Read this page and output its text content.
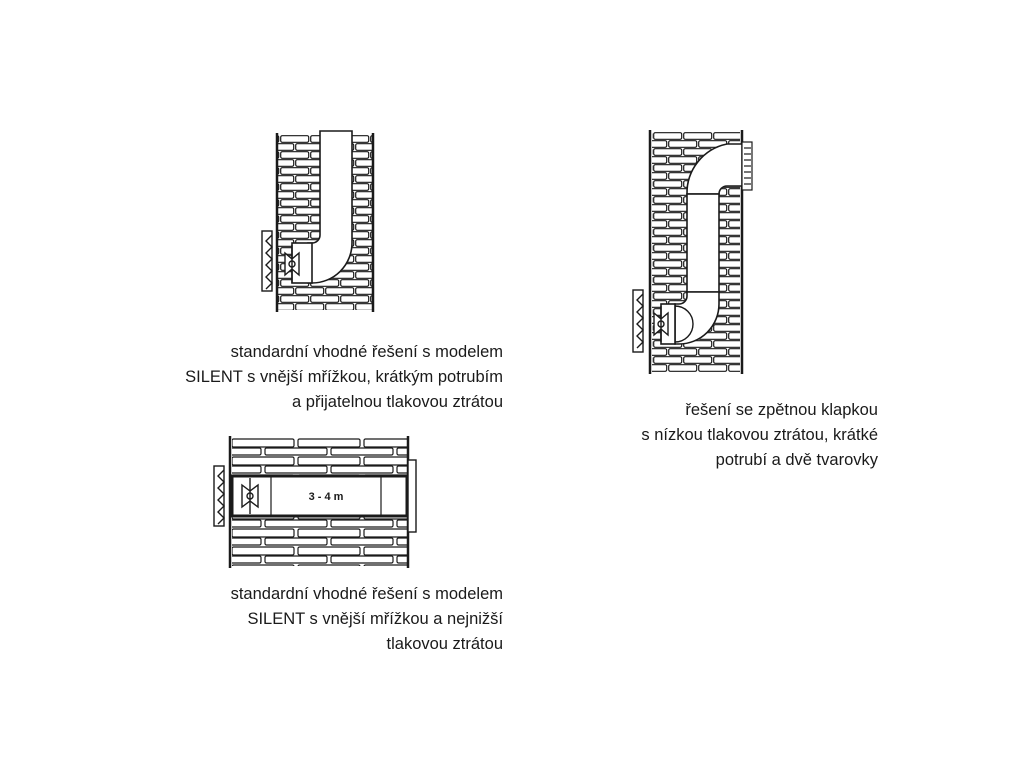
standardní vhodné řešení s modelem
SILENT s vnější mřížkou, krátkým potrubím
a přijatelnou tlakovou ztrátou
3 - 4 m
standardní vhodné řešení s modelem
SILENT s vnější mřížkou a nejnižší
tlakovou ztrátou
řešení se zpětnou klapkou
s nízkou tlakovou ztrátou, krátké
potrubí a dvě tvarovky
